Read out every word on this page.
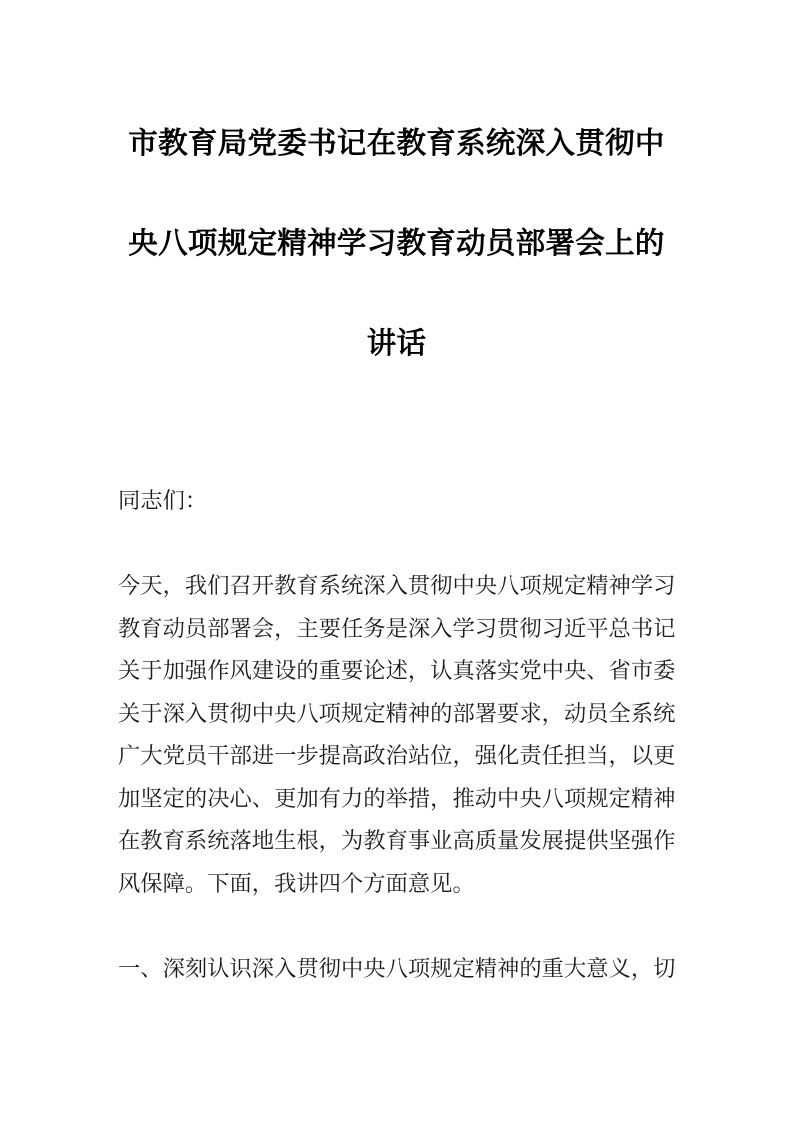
市教育局党委书记在教育系统深入贯彻中
央八项规定精神学习教育动员部署会上的
讲话

同志们：

今天，我们召开教育系统深入贯彻中央八项规定精神学习
教育动员部署会，主要任务是深入学习贯彻习近平总书记
关于加强作风建设的重要论述，认真落实党中央、省市委
关于深入贯彻中央八项规定精神的部署要求，动员全系统
广大党员干部进一步提高政治站位，强化责任担当，以更
加坚定的决心、更加有力的举措，推动中央八项规定精神
在教育系统落地生根，为教育事业高质量发展提供坚强作
风保障。下面，我讲四个方面意见。
一、深刻认识深入贯彻中央八项规定精神的重大意义，切
